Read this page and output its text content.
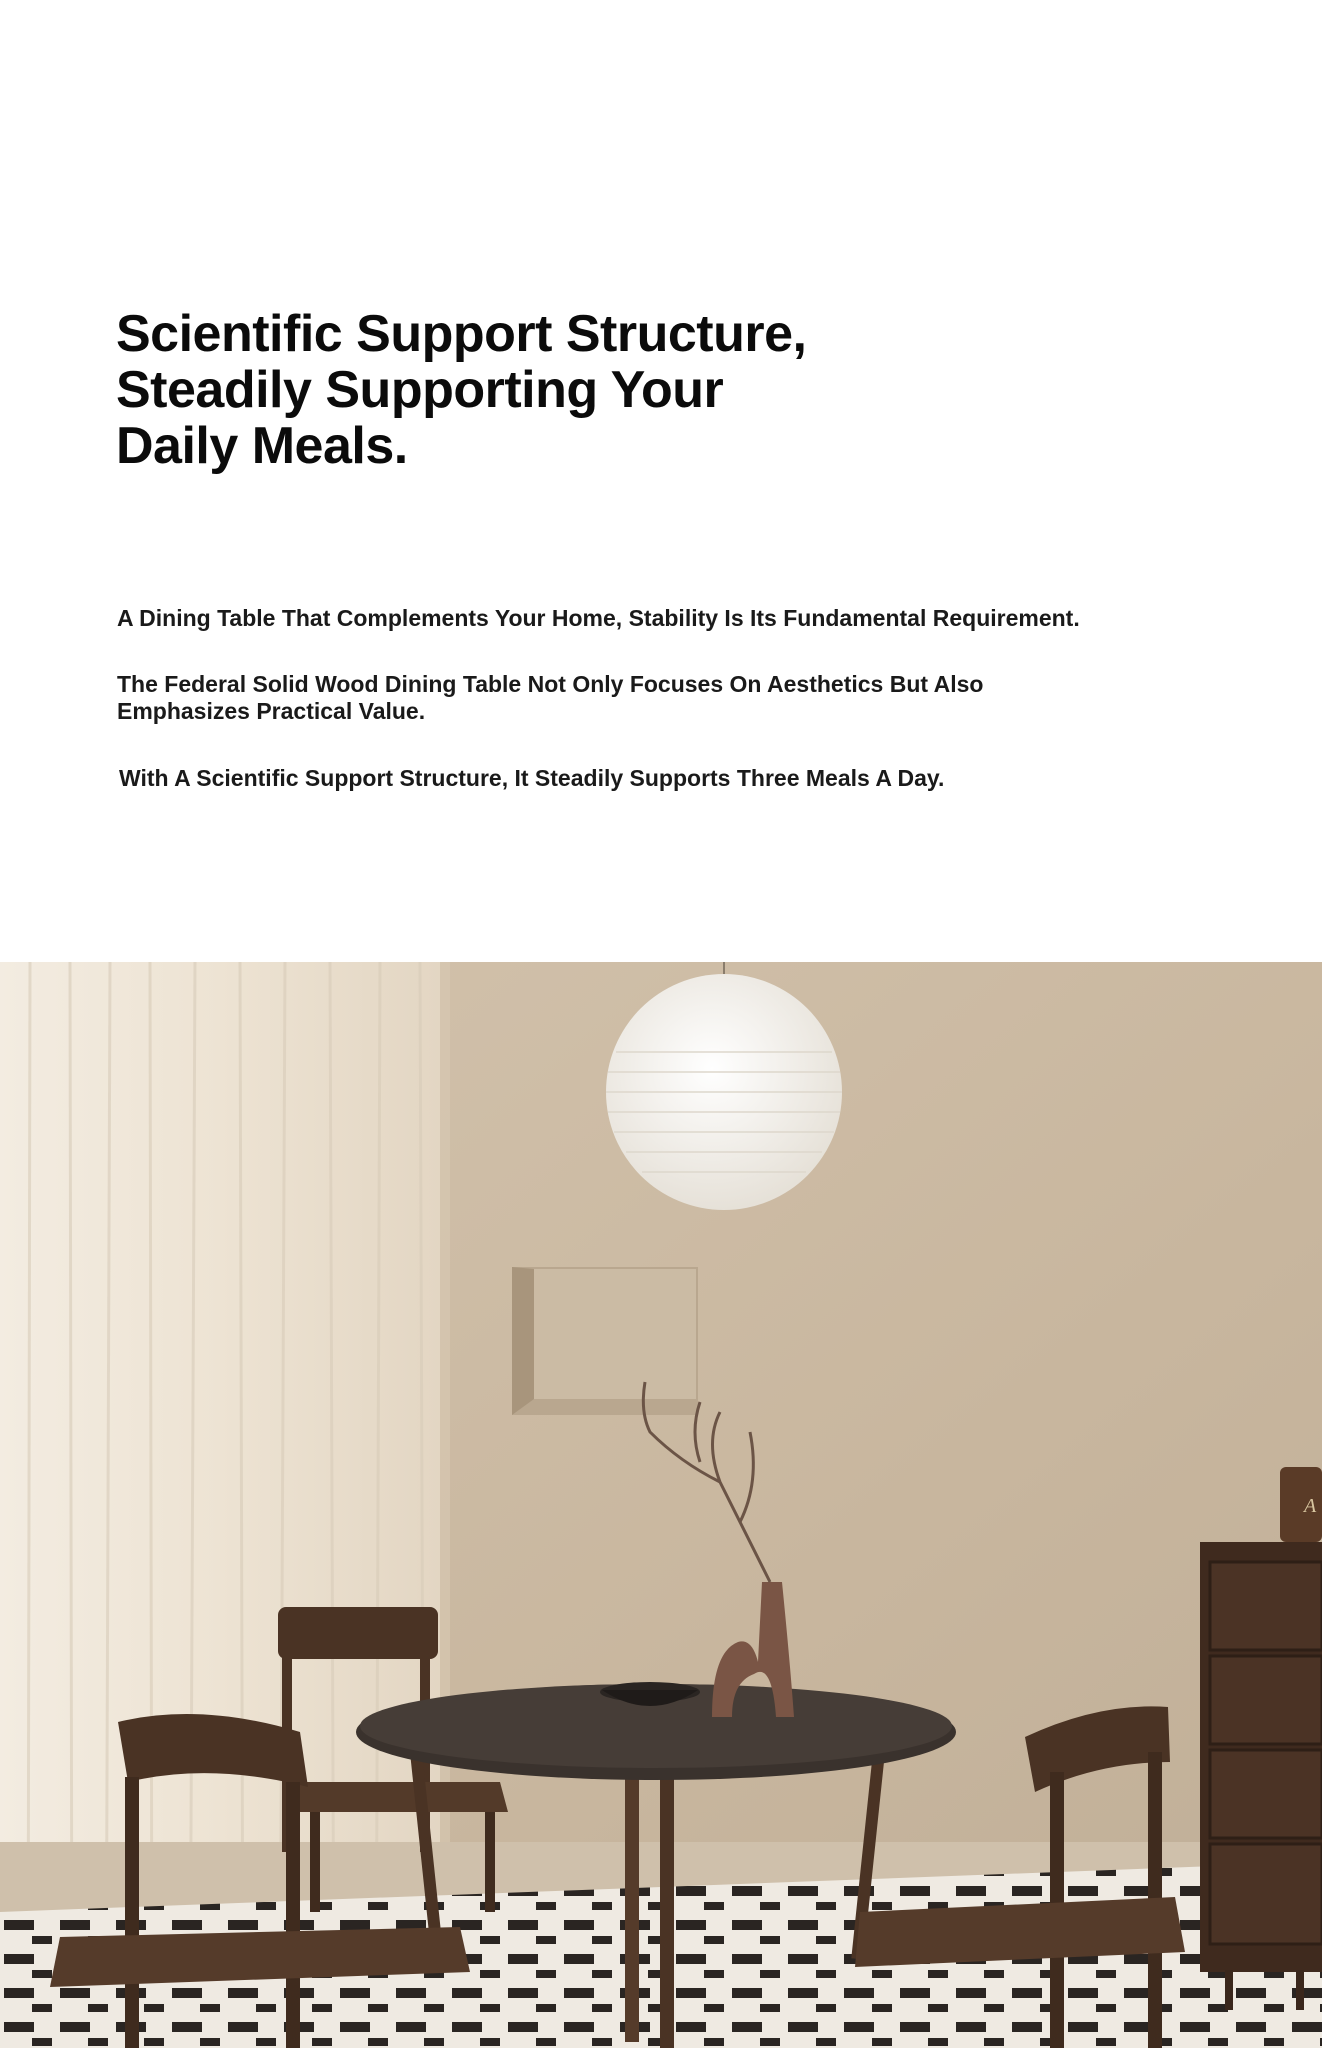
Scientific Support Structure,
Steadily Supporting Your
Daily Meals.

A Dining Table That Complements Your Home, Stability Is Its Fundamental Requirement.

The Federal Solid Wood Dining Table Not Only Focuses On Aesthetics But Also
Emphasizes Practical Value.

With A Scientific Support Structure, It Steadily Supports Three Meals A Day.

A
